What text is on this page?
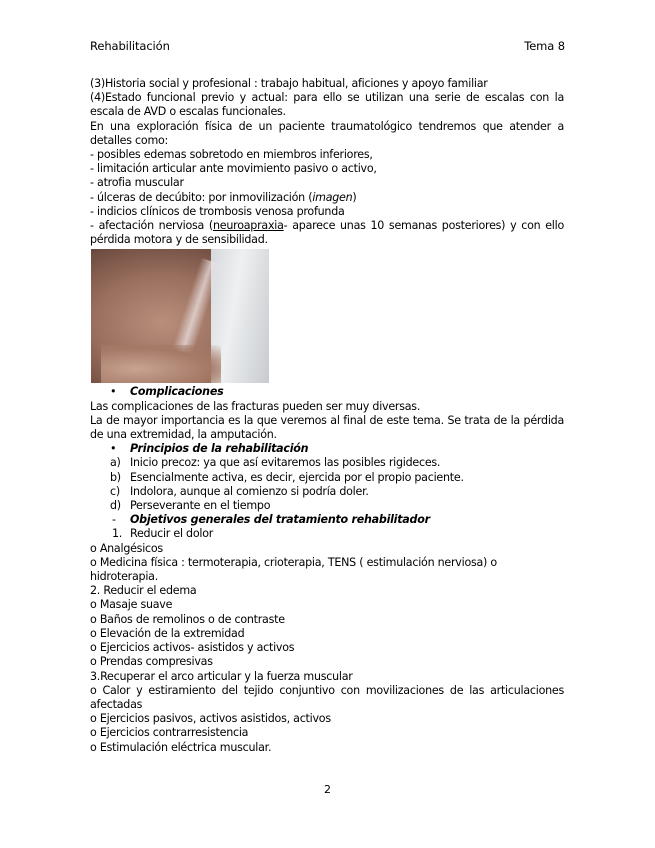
Rehabilitación	Tema 8
(3)Historia social y profesional : trabajo habitual, aficiones y apoyo familiar
(4)Estado funcional previo y actual: para ello se utilizan una serie de escalas con la escala de AVD o escalas funcionales.
En una exploración física de un paciente traumatológico tendremos que atender a detalles como:
- posibles edemas sobretodo en miembros inferiores,
- limitación articular ante movimiento pasivo o activo,
- atrofia muscular
- úlceras de decúbito: por inmovilización (imagen)
- indicios clínicos de trombosis venosa profunda
- afectación nerviosa (neuroapraxia- aparece unas 10 semanas posteriores) y con ello pérdida motora y de sensibilidad.
• Complicaciones
Las complicaciones de las fracturas pueden ser muy diversas.
La de mayor importancia es la que veremos al final de este tema. Se trata de la pérdida de una extremidad, la amputación.
• Principios de la rehabilitación
a) Inicio precoz: ya que así evitaremos las posibles rigideces.
b) Esencialmente activa, es decir, ejercida por el propio paciente.
c) Indolora, aunque al comienzo si podría doler.
d) Perseverante en el tiempo
- Objetivos generales del tratamiento rehabilitador
1. Reducir el dolor
o Analgésicos
o Medicina física : termoterapia, crioterapia, TENS ( estimulación nerviosa) o
hidroterapia.
2. Reducir el edema
o Masaje suave
o Baños de remolinos o de contraste
o Elevación de la extremidad
o Ejercicios activos- asistidos y activos
o Prendas compresivas
3.Recuperar el arco articular y la fuerza muscular
o Calor y estiramiento del tejido conjuntivo con movilizaciones de las articulaciones afectadas
o Ejercicios pasivos, activos asistidos, activos
o Ejercicios contrarresistencia
o Estimulación eléctrica muscular.
2
